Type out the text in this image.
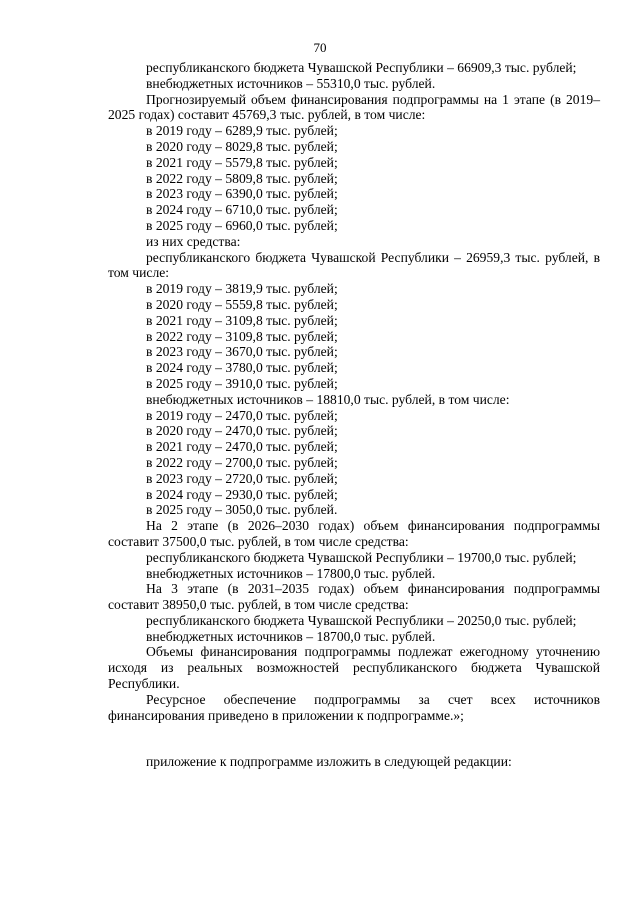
70

республиканского бюджета Чувашской Республики – 66909,3 тыс. рублей;

внебюджетных источников – 55310,0 тыс. рублей.

Прогнозируемый объем финансирования подпрограммы на 1 этапе (в 2019–2025 годах) составит 45769,3 тыс. рублей, в том числе:

в 2019 году – 6289,9 тыс. рублей;

в 2020 году – 8029,8 тыс. рублей;

в 2021 году – 5579,8 тыс. рублей;

в 2022 году – 5809,8 тыс. рублей;

в 2023 году – 6390,0 тыс. рублей;

в 2024 году – 6710,0 тыс. рублей;

в 2025 году – 6960,0 тыс. рублей;

из них средства:

республиканского бюджета Чувашской Республики – 26959,3 тыс. рублей, в том числе:

в 2019 году – 3819,9 тыс. рублей;

в 2020 году – 5559,8 тыс. рублей;

в 2021 году – 3109,8 тыс. рублей;

в 2022 году – 3109,8 тыс. рублей;

в 2023 году – 3670,0 тыс. рублей;

в 2024 году – 3780,0 тыс. рублей;

в 2025 году – 3910,0 тыс. рублей;

внебюджетных источников – 18810,0 тыс. рублей, в том числе:

в 2019 году – 2470,0 тыс. рублей;

в 2020 году – 2470,0 тыс. рублей;

в 2021 году – 2470,0 тыс. рублей;

в 2022 году – 2700,0 тыс. рублей;

в 2023 году – 2720,0 тыс. рублей;

в 2024 году – 2930,0 тыс. рублей;

в 2025 году – 3050,0 тыс. рублей.

На 2 этапе (в 2026–2030 годах) объем финансирования подпрограммы составит 37500,0 тыс. рублей, в том числе средства:

республиканского бюджета Чувашской Республики – 19700,0 тыс. рублей;

внебюджетных источников – 17800,0 тыс. рублей.

На 3 этапе (в 2031–2035 годах) объем финансирования подпрограммы составит 38950,0 тыс. рублей, в том числе средства:

республиканского бюджета Чувашской Республики – 20250,0 тыс. рублей;

внебюджетных источников – 18700,0 тыс. рублей.

Объемы финансирования подпрограммы подлежат ежегодному уточнению исходя из реальных возможностей республиканского бюджета Чувашской Республики.

Ресурсное обеспечение подпрограммы за счет всех источников финансирования приведено в приложении к подпрограмме.»;

приложение к подпрограмме изложить в следующей редакции:
